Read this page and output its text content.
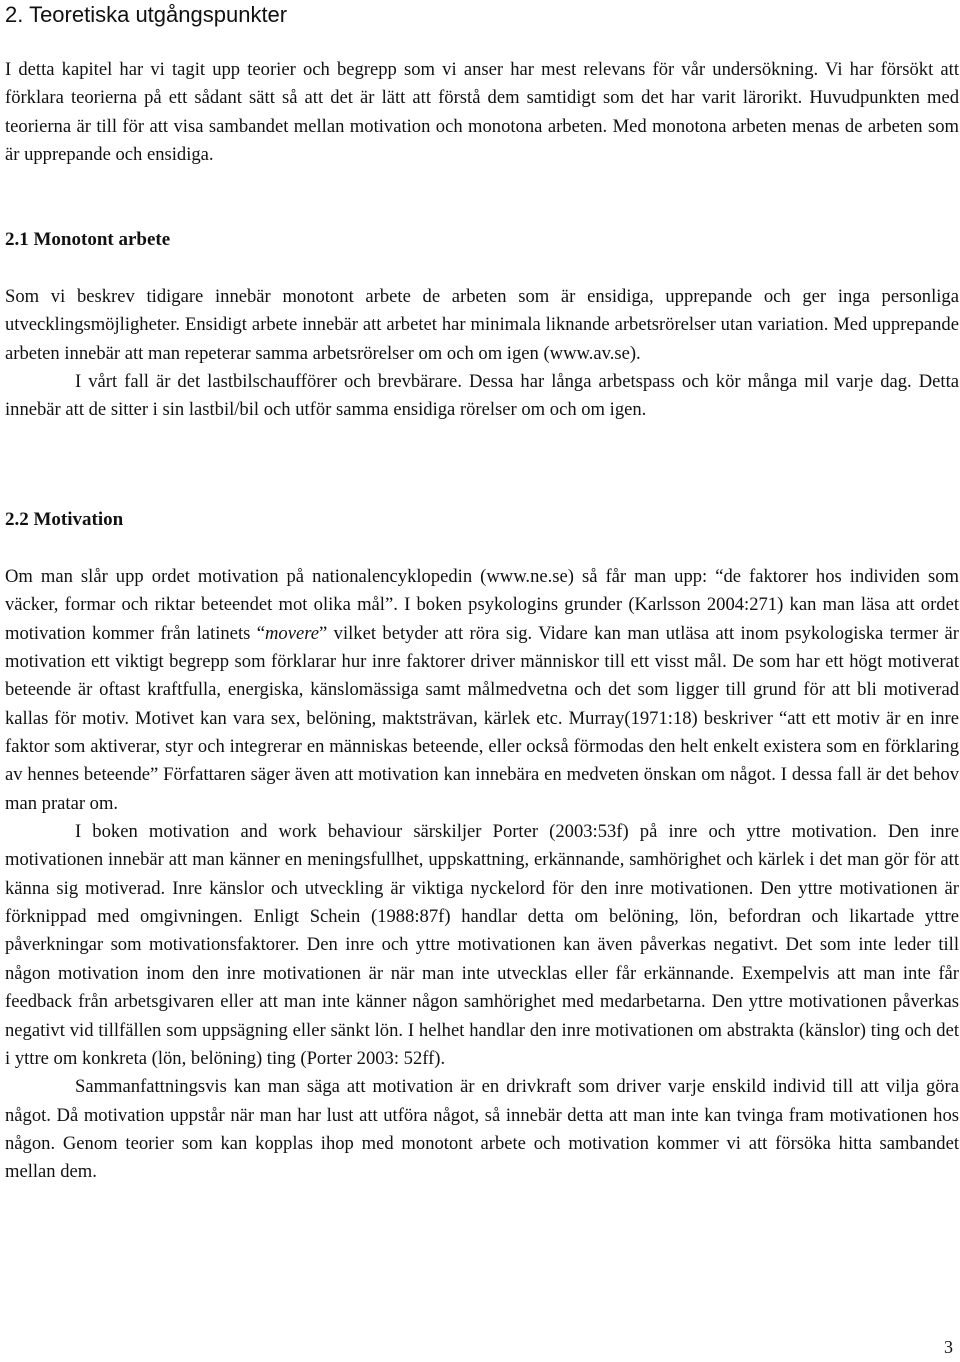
2. Teoretiska utgångspunkter

I detta kapitel har vi tagit upp teorier och begrepp som vi anser har mest relevans för vår undersökning. Vi har försökt att förklara teorierna på ett sådant sätt så att det är lätt att förstå dem samtidigt som det har varit lärorikt. Huvudpunkten med teorierna är till för att visa sambandet mellan motivation och monotona arbeten. Med monotona arbeten menas de arbeten som är upprepande och ensidiga.

2.1 Monotont arbete

Som vi beskrev tidigare innebär monotont arbete de arbeten som är ensidiga, upprepande och ger inga personliga utvecklingsmöjligheter. Ensidigt arbete innebär att arbetet har minimala liknande arbetsrörelser utan variation. Med upprepande arbeten innebär att man repeterar samma arbetsrörelser om och om igen (www.av.se).

I vårt fall är det lastbilschaufförer och brevbärare. Dessa har långa arbetspass och kör många mil varje dag. Detta innebär att de sitter i sin lastbil/bil och utför samma ensidiga rörelser om och om igen.

2.2 Motivation

Om man slår upp ordet motivation på nationalencyklopedin (www.ne.se) så får man upp: “de faktorer hos individen som väcker, formar och riktar beteendet mot olika mål”. I boken psykologins grunder (Karlsson 2004:271) kan man läsa att ordet motivation kommer från latinets “movere” vilket betyder att röra sig. Vidare kan man utläsa att inom psykologiska termer är motivation ett viktigt begrepp som förklarar hur inre faktorer driver människor till ett visst mål. De som har ett högt motiverat beteende är oftast kraftfulla, energiska, känslomässiga samt målmedvetna och det som ligger till grund för att bli motiverad kallas för motiv. Motivet kan vara sex, belöning, maktsträvan, kärlek etc. Murray(1971:18) beskriver “att ett motiv är en inre faktor som aktiverar, styr och integrerar en människas beteende, eller också förmodas den helt enkelt existera som en förklaring av hennes beteende” Författaren säger även att motivation kan innebära en medveten önskan om något. I dessa fall är det behov man pratar om.

I boken motivation and work behaviour särskiljer Porter (2003:53f) på inre och yttre motivation. Den inre motivationen innebär att man känner en meningsfullhet, uppskattning, erkännande, samhörighet och kärlek i det man gör för att känna sig motiverad. Inre känslor och utveckling är viktiga nyckelord för den inre motivationen. Den yttre motivationen är förknippad med omgivningen. Enligt Schein (1988:87f) handlar detta om belöning, lön, befordran och likartade yttre påverkningar som motivationsfaktorer. Den inre och yttre motivationen kan även påverkas negativt. Det som inte leder till någon motivation inom den inre motivationen är när man inte utvecklas eller får erkännande. Exempelvis att man inte får feedback från arbetsgivaren eller att man inte känner någon samhörighet med medarbetarna. Den yttre motivationen påverkas negativt vid tillfällen som uppsägning eller sänkt lön. I helhet handlar den inre motivationen om abstrakta (känslor) ting och det i yttre om konkreta (lön, belöning) ting (Porter 2003: 52ff).

Sammanfattningsvis kan man säga att motivation är en drivkraft som driver varje enskild individ till att vilja göra något. Då motivation uppstår när man har lust att utföra något, så innebär detta att man inte kan tvinga fram motivationen hos någon. Genom teorier som kan kopplas ihop med monotont arbete och motivation kommer vi att försöka hitta sambandet mellan dem.

3
